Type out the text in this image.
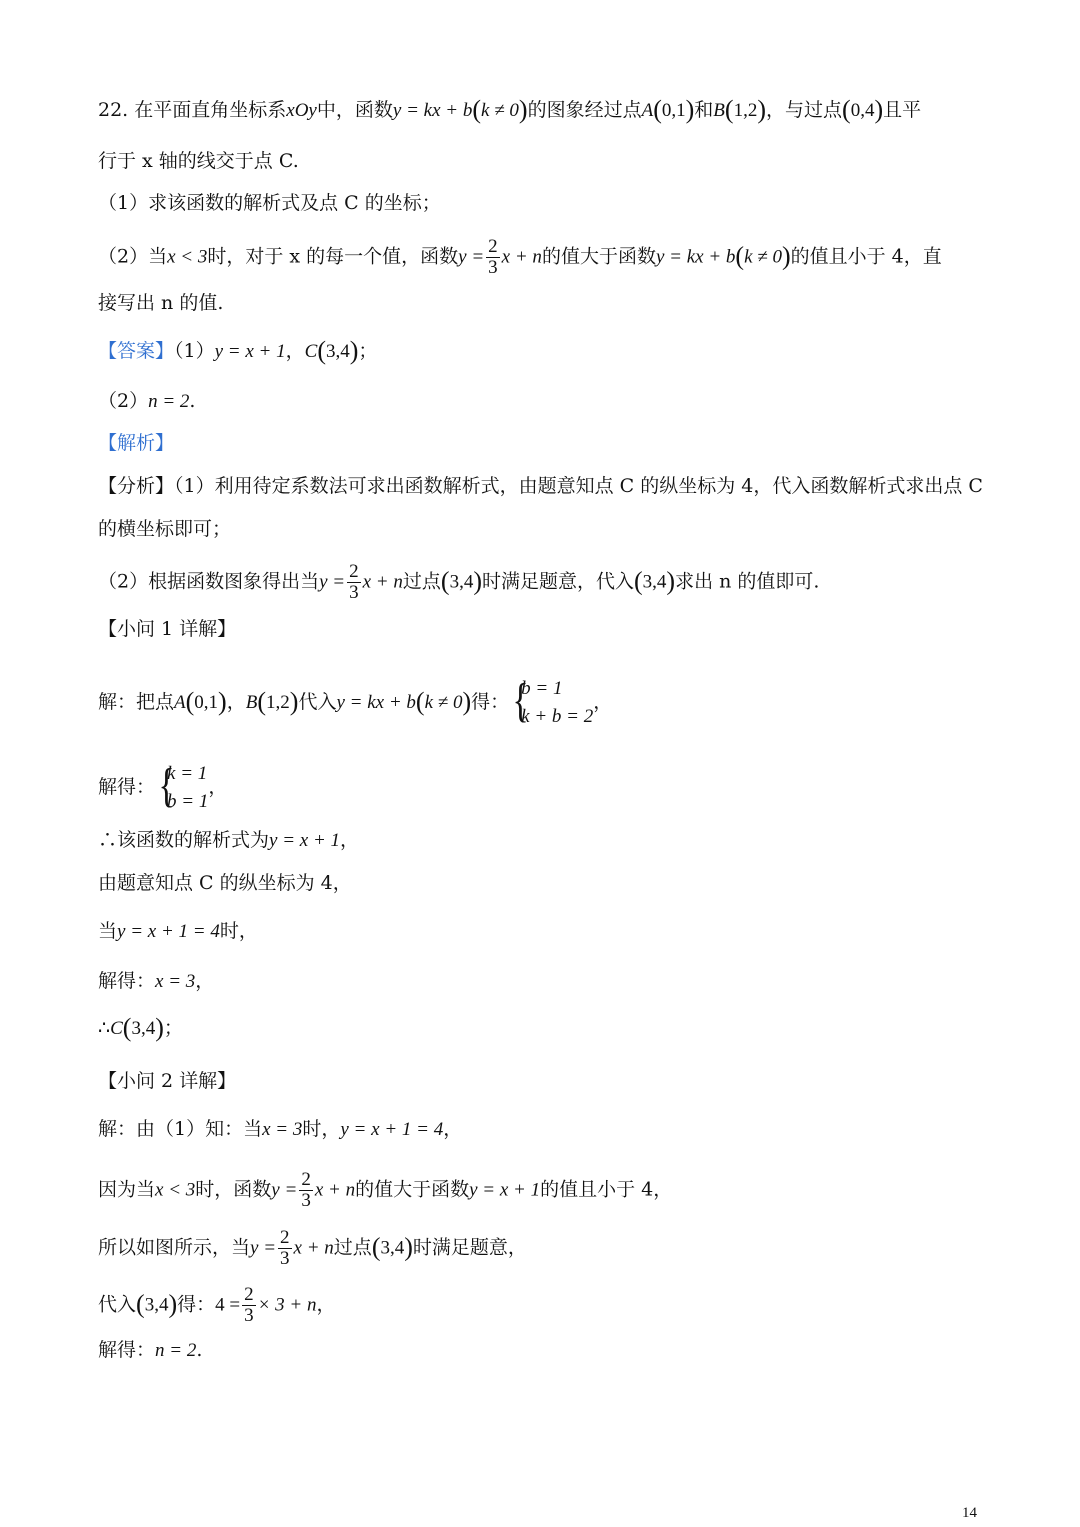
22. 在平面直角坐标系xOy中，函数y = kx + b(k ≠ 0)的图象经过点A(0,1)和B(1,2)，与过点(0,4)且平
行于 x 轴的线交于点 C.
（1）求该函数的解析式及点 C 的坐标；
（2）当x < 3时，对于 x 的每一个值，函数$y = \frac{2}{3}$ x + n的值大于函数y = kx + b(k ≠ 0)的值且小于 4，直
接写出 n 的值.
【答案】（1）y = x + 1，C(3,4)；
（2）n = 2.
【解析】
【分析】（1）利用待定系数法可求出函数解析式，由题意知点 C 的纵坐标为 4，代入函数解析式求出点 C
的横坐标即可；
（2）根据函数图象得出当$y = \frac{2}{3}$ x + n过点(3,4)时满足题意，代入(3,4)求出 n 的值即可.
【小问 1 详解】
解：把点A(0,1)，B(1,2)代入y = kx + b(k ≠ 0)得： {
b = 1
k + b = 2
，
解得： {
k = 1
b = 1
，
∴该函数的解析式为y = x + 1，
由题意知点 C 的纵坐标为 4，
当y = x + 1 = 4时，
解得：x = 3，
∴C(3,4)；
【小问 2 详解】
解：由（1）知：当x = 3时，y = x + 1 = 4，
因为当x < 3时，函数$y = \frac{2}{3}$ x + n的值大于函数y = x + 1的值且小于 4，
所以如图所示，当$y = \frac{2}{3}$ x + n过点(3,4)时满足题意，
代入(3,4)得：$4 = \frac{2}{3} \times 3 + n$，
解得：n = 2.
14
